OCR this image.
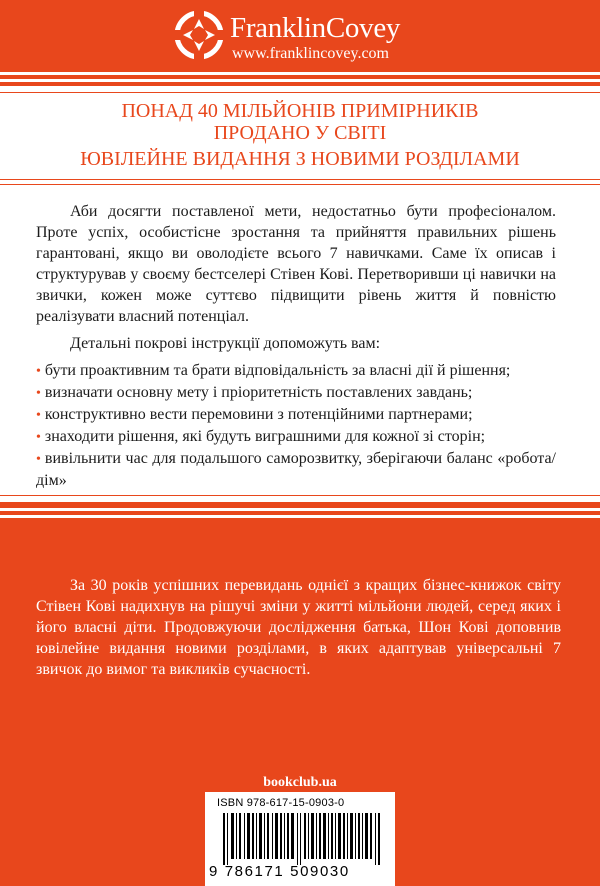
FranklinCovey
www.franklincovey.com
ПОНАД 40 МІЛЬЙОНІВ ПРИМІРНИКІВ
ПРОДАНО У СВІТІ
ЮВІЛЕЙНЕ ВИДАННЯ З НОВИМИ РОЗДІЛАМИ

Аби досягти поставленої мети, недостатньо бути професіоналом. Проте успіх, особистісне зростання та прийняття правильних рішень гарантовані, якщо ви оволодієте всього 7 навичками. Саме їх описав і структурував у своєму бестселері Стівен Кові. Перетворивши ці навички на звички, кожен може суттєво підвищити рівень життя й повністю реалізувати власний потенціал.

Детальні покрові інструкції допоможуть вам:

• бути проактивним та брати відповідальність за власні дії й рішення;
• визначати основну мету і пріоритетність поставлених завдань;
• конструктивно вести перемовини з потенційними партнерами;
• знаходити рішення, які будуть виграшними для кожної зі сторін;
• вивільнити час для подальшого саморозвитку, зберігаючи баланс «робота/дім»

За 30 років успішних перевидань однієї з кращих бізнес-книжок світу Стівен Кові надихнув на рішучі зміни у житті мільйони людей, серед яких і його власні діти. Продовжуючи дослідження батька, Шон Кові доповнив ювілейне видання новими розділами, в яких адаптував універсальні 7 звичок до вимог та викликів сучасності.

bookclub.ua
ISBN 978-617-15-0903-0
9 786171 509030
